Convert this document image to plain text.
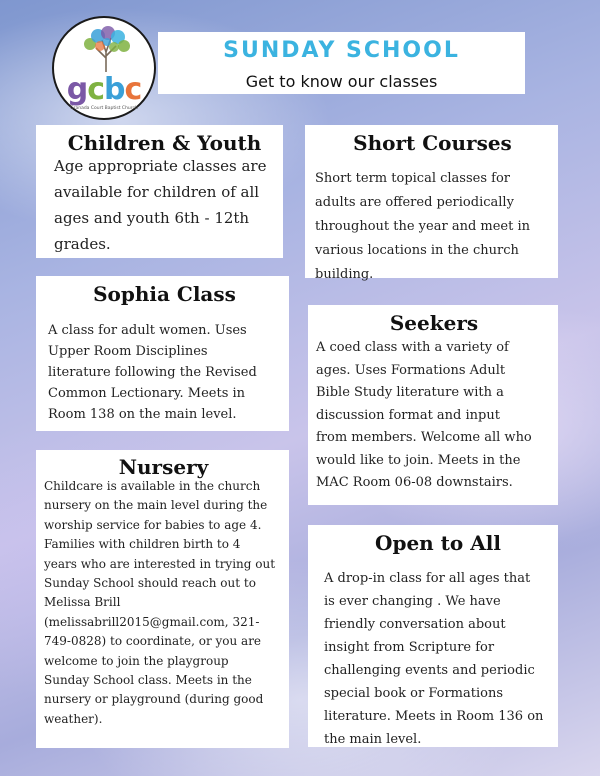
gcbc
Granada Court Baptist Church
SUNDAY SCHOOL
Get to know our classes
Children & Youth

Age appropriate classes are
available for children of all
ages and youth 6th - 12th
grades.

Short Courses

Short term topical classes for
adults are offered periodically
throughout the year and meet in
various locations in the church
building.

Sophia Class

A class for adult women. Uses
Upper Room Disciplines
literature following the Revised
Common Lectionary. Meets in
Room 138 on the main level.

Seekers

A coed class with a variety of
ages. Uses Formations Adult
Bible Study literature with a
discussion format and input
from members. Welcome all who
would like to join. Meets in the
MAC Room 06-08 downstairs.

Nursery

Childcare is available in the church
nursery on the main level during the
worship service for babies to age 4.
Families with children birth to 4
years who are interested in trying out
Sunday School should reach out to
Melissa Brill
(melissabrill2015@gmail.com, 321-
749-0828) to coordinate, or you are
welcome to join the playgroup
Sunday School class. Meets in the
nursery or playground (during good
weather).

Open to All

A drop-in class for all ages that
is ever changing . We have
friendly conversation about
insight from Scripture for
challenging events and periodic
special book or Formations
literature. Meets in Room 136 on
the main level.
